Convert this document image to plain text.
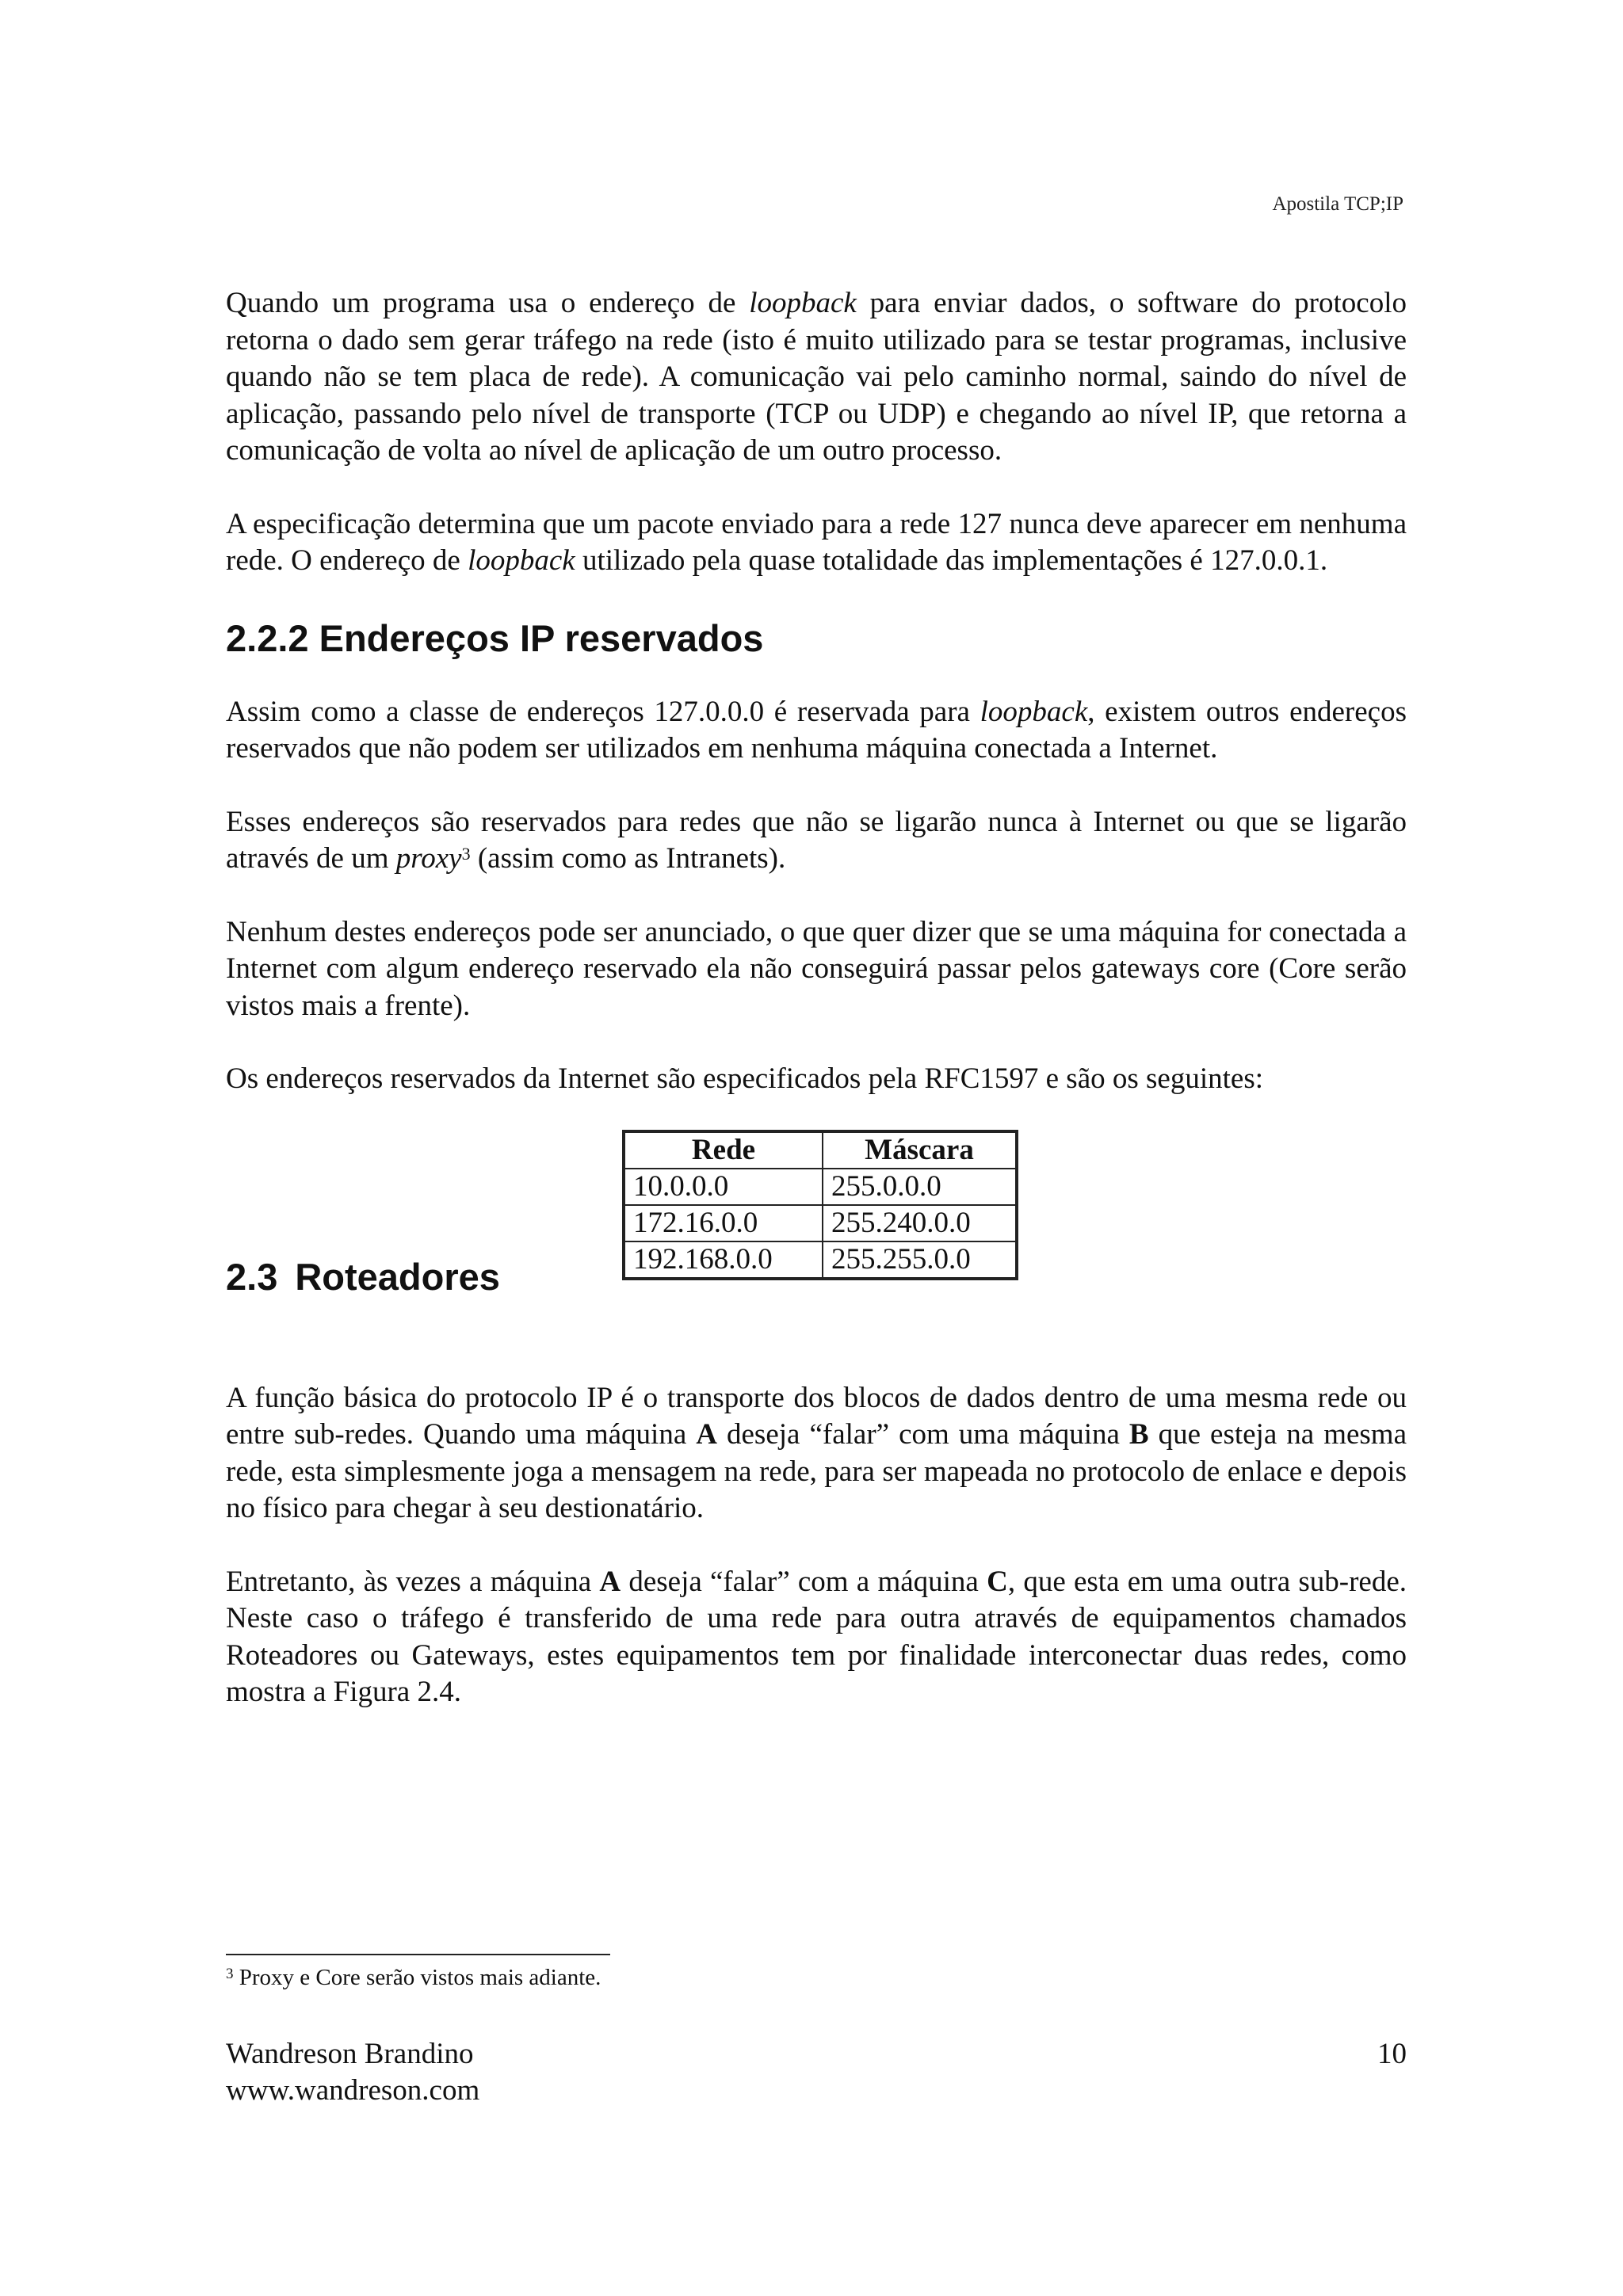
Apostila TCP;IP

Quando um programa usa o endereço de loopback para enviar dados, o software do protocolo retorna o dado sem gerar tráfego na rede (isto é muito utilizado para se testar programas, inclusive quando não se tem placa de rede). A comunicação vai pelo caminho normal, saindo do nível de aplicação, passando pelo nível de transporte (TCP ou UDP) e chegando ao nível IP, que retorna a comunicação de volta ao nível de aplicação de um outro processo.

A especificação determina que um pacote enviado para a rede 127 nunca deve aparecer em nenhuma rede. O endereço de loopback utilizado pela quase totalidade das implementações é 127.0.0.1.

2.2.2 Endereços IP reservados

Assim como a classe de endereços 127.0.0.0 é reservada para loopback, existem outros endereços reservados que não podem ser utilizados em nenhuma máquina conectada a Internet.

Esses endereços são reservados para redes que não se ligarão nunca à Internet ou que se ligarão através de um proxy$^3$ (assim como as Intranets).

Nenhum destes endereços pode ser anunciado, o que quer dizer que se uma máquina for conectada a Internet com algum endereço reservado ela não conseguirá passar pelos gateways core (Core serão vistos mais a frente).

Os endereços reservados da Internet são especificados pela RFC1597 e são os seguintes:

Rede	Máscara
10.0.0.0	255.0.0.0
172.16.0.0	255.240.0.0
192.168.0.0	255.255.0.0
2.3 Roteadores

A função básica do protocolo IP é o transporte dos blocos de dados dentro de uma mesma rede ou entre sub-redes. Quando uma máquina A deseja “falar” com uma máquina B que esteja na mesma rede, esta simplesmente joga a mensagem na rede, para ser mapeada no protocolo de enlace e depois no físico para chegar à seu destionatário.

Entretanto, às vezes a máquina A deseja “falar” com a máquina C, que esta em uma outra sub-rede. Neste caso o tráfego é transferido de uma rede para outra através de equipamentos chamados Roteadores ou Gateways, estes equipamentos tem por finalidade interconectar duas redes, como mostra a Figura 2.4.

$^3$ Proxy e Core serão vistos mais adiante.
Wandreson Brandino
www.wandreson.com
10
